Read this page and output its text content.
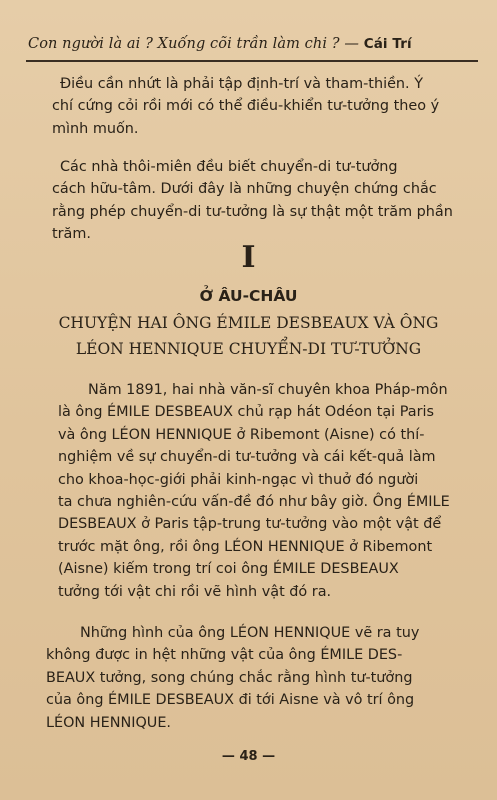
Con người là ai ? Xuống cõi trần làm chi ? — Cái Trí
Điều cần nhứt là phải tập định-trí và tham-thiền. Ý
chí cứng cỏi rồi mới có thể điều-khiển tư-tưởng theo ý
mình muốn.
Các nhà thôi-miên đều biết chuyển-di tư-tưởng
cách hữu-tâm. Dưới đây là những chuyện chứng chắc
rằng phép chuyển-di tư-tưởng là sự thật một trăm phần
trăm.
I
Ở ÂU-CHÂU
CHUYỆN HAI ÔNG ÉMILE DESBEAUX VÀ ÔNG
LÉON HENNIQUE CHUYỂN-DI TƯ-TƯỞNG
Năm 1891, hai nhà văn-sĩ chuyên khoa Pháp-môn
là ông ÉMILE DESBEAUX chủ rạp hát Odéon tại Paris
và ông LÉON HENNIQUE ở Ribemont (Aisne) có thí-
nghiệm về sự chuyển-di tư-tưởng và cái kết-quả làm
cho khoa-học-giới phải kinh-ngạc vì thuở đó người
ta chưa nghiên-cứu vấn-đề đó như bây giờ. Ông ÉMILE
DESBEAUX ở Paris tập-trung tư-tưởng vào một vật để
trước mặt ông, rồi ông LÉON HENNIQUE ở Ribemont
(Aisne) kiếm trong trí coi ông ÉMILE DESBEAUX
tưởng tới vật chi rồi vẽ hình vật đó ra.
Những hình của ông LÉON HENNIQUE vẽ ra tuy
không được in hệt những vật của ông ÉMILE DES-
BEAUX tưởng, song chúng chắc rằng hình tư-tưởng
của ông ÉMILE DESBEAUX đi tới Aisne và vô trí ông
LÉON HENNIQUE.
— 48 —
